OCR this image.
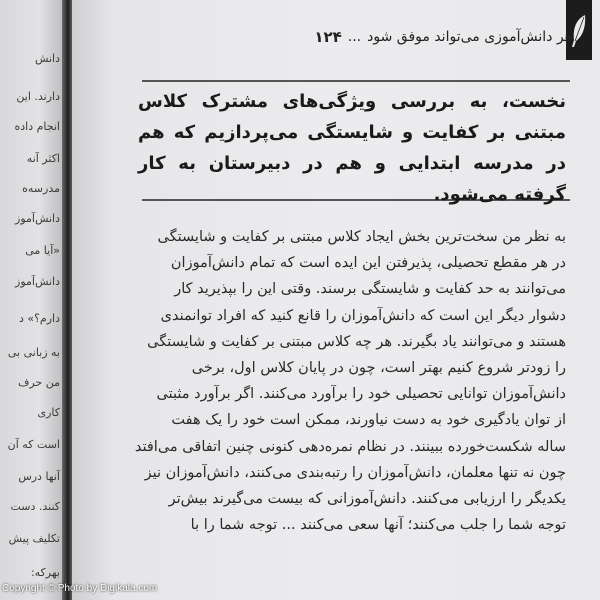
دانش
دارند. این
انجام داده
اکثر آنه
مدرسه‌ه
دانش‌آموز
«آیا می
دانش‌آموز
دارم؟» د
به زبانی بی
من حرف
کاری
است که آن
آنها درس
کنند. دست
تکلیف پیش
بهرکه:
هر دانش‌آموزی می‌تواند موفق شود
...
۱۲۴
نخست، به بررسی ویژگی‌های مشترک کلاس مبتنی بر کفایت و شایستگی می‌پردازیم که هم در مدرسه ابتدایی و هم در دبیرستان به کار گرفته می‌شود.

به نظر من سخت‌ترین بخش ایجاد کلاس مبتنی بر کفایت و شایستگی

در هر مقطع تحصیلی، پذیرفتن این ایده است که تمام دانش‌آموزان

می‌توانند به حد کفایت و شایستگی برسند. وقتی این را بپذیرید کار

دشوار دیگر این است که دانش‌آموزان را قانع کنید که افراد توانمندی

هستند و می‌توانند یاد بگیرند. هر چه کلاس مبتنی بر کفایت و شایستگی

را زودتر شروع کنیم بهتر است، چون در پایان کلاس اول، برخی

دانش‌آموزان توانایی تحصیلی خود را برآورد می‌کنند. اگر برآورد مثبتی

از توان یادگیری خود به دست نیاورند، ممکن است خود را یک هفت

ساله شکست‌خورده ببینند. در نظام نمره‌دهی کنونی چنین اتفاقی می‌افتد

چون نه تنها معلمان، دانش‌آموزان را رتبه‌بندی می‌کنند، دانش‌آموزان نیز

یکدیگر را ارزیابی می‌کنند. دانش‌آموزانی که بیست می‌گیرند بیش‌تر

توجه شما را جلب می‌کنند؛ آنها سعی می‌کنند ... توجه شما را با

Copyright © Photo by Digikala.com
